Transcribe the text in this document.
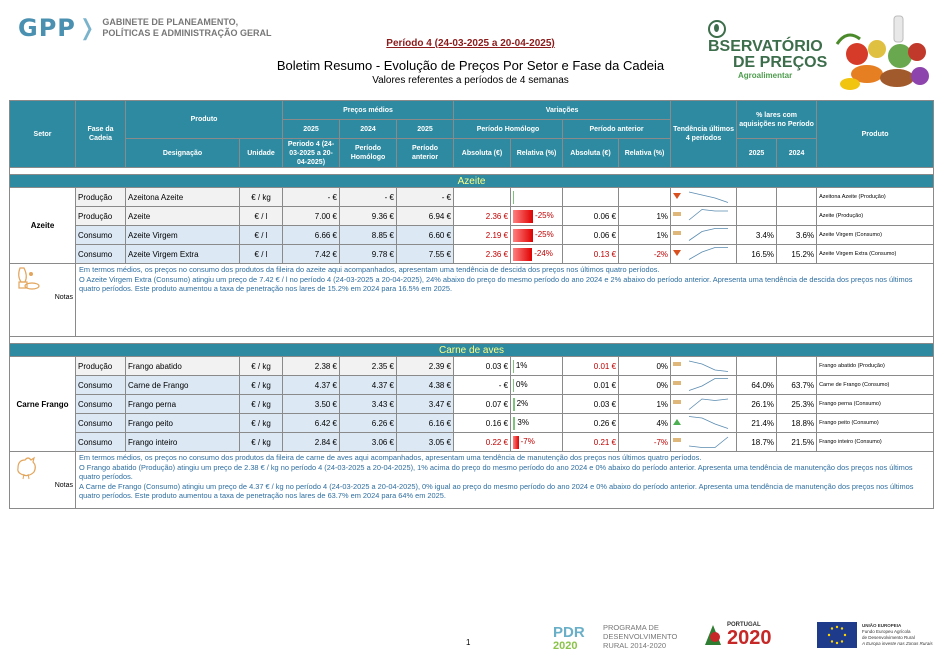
GPP ❭ GABINETE DE PLANEAMENTO,
POLÍTICAS E ADMINISTRAÇÃO GERAL
Período 4 (24-03-2025 a 20-04-2025)
Boletim Resumo - Evolução de Preços Por Setor e Fase da Cadeia
Valores referentes a períodos de 4 semanas
BSERVATÓRIO
DE PREÇOS
Agroalimentar
Setor	Fase da Cadeia	Produto		Preços médios			Variações				Tendência últimos 4 períodos	% lares com aquisições no Período		Produto
				2025	2024	2025	Período Homólogo		Período anterior					
		Designação	Unidade	Periodo 4 (24-03-2025 a 20-04-2025)	Período Homólogo	Período anterior	Absoluta (€)	Relativa (%)	Absoluta (€)	Relativa (%)		2025	2024	

Azeite														
Azeite	Produção	Azeitona Azeite	€ / kg	- €	- €	- €								Azeitona Azeite (Produção)
	Produção	Azeite	€ / l	7.00 €	9.36 €	6.94 €	2.36 €	-25%	0.06 €	1%				Azeite (Produção)
	Consumo	Azeite Virgem	€ / l	6.66 €	8.85 €	6.60 €	2.19 €	-25%	0.06 €	1%		3.4%	3.6%	Azeite Virgem (Consumo)
	Consumo	Azeite Virgem Extra	€ / l	7.42 €	9.78 €	7.55 €	2.36 €	-24%	0.13 €	-2%		16.5%	15.2%	Azeite Virgem Extra (Consumo)

Notas	Em termos médios, os preços no consumo dos produtos da fileira do azeite aqui acompanhados, apresentam uma tendência de descida dos preços nos últimos quatro períodos.
O Azeite Virgem Extra (Consumo) atingiu um preço de 7.42 € / l no período 4 (24-03-2025 a 20-04-2025), 24% abaixo do preço do mesmo período do ano 2024 e 2% abaixo do período anterior. Apresenta uma tendência de descida dos preços nos últimos quatro períodos. Este produto aumentou a taxa de penetração nos lares de 15.2% em 2024 para 16.5% em 2025.													

Carne de aves														
Carne Frango	Produção	Frango abatido	€ / kg	2.38 €	2.35 €	2.39 €	0.03 €	1%	0.01 €	0%				Frango abatido (Produção)
	Consumo	Carne de Frango	€ / kg	4.37 €	4.37 €	4.38 €	- €	0%	0.01 €	0%		64.0%	63.7%	Carne de Frango (Consumo)
	Consumo	Frango perna	€ / kg	3.50 €	3.43 €	3.47 €	0.07 €	2%	0.03 €	1%		26.1%	25.3%	Frango perna (Consumo)
	Consumo	Frango peito	€ / kg	6.42 €	6.26 €	6.16 €	0.16 €	3%	0.26 €	4%		21.4%	18.8%	Frango peito (Consumo)
	Consumo	Frango inteiro	€ / kg	2.84 €	3.06 €	3.05 €	0.22 €	-7%	0.21 €	-7%		18.7%	21.5%	Frango inteiro (Consumo)

Notas	Em termos médios, os preços no consumo dos produtos da fileira de carne de aves aqui acompanhados, apresentam uma tendência de manutenção dos preços nos últimos quatro períodos.
O Frango abatido (Produção) atingiu um preço de 2.38 € / kg no período 4 (24-03-2025 a 20-04-2025), 1% acima do preço do mesmo período do ano 2024 e 0% abaixo do período anterior. Apresenta uma tendência de manutenção dos preços nos últimos quatro períodos.
A Carne de Frango (Consumo) atingiu um preço de 4.37 € / kg no período 4 (24-03-2025 a 20-04-2025), 0% igual ao preço do mesmo período do ano 2024 e 0% abaixo do período anterior. Apresenta uma tendência de manutenção dos preços nos últimos quatro períodos. Este produto aumentou a taxa de penetração nos lares de 63.7% em 2024 para 64% em 2025.													
1
PDR
2020
PROGRAMA DE
DESENVOLVIMENTO
RURAL 2014-2020
PORTUGAL
2020
UNIÃO EUROPEIA
Fundo Europeu Agrícola
de Desenvolvimento Rural
A Europa investe nas Zonas Rurais
